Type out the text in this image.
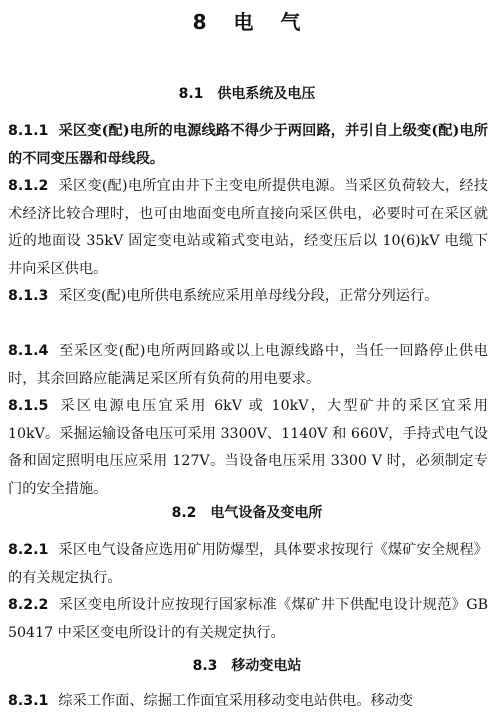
8 电 气
8.1 供电系统及电压
8.1.1 采区变(配)电所的电源线路不得少于两回路，并引自上级变(配)电所的不同变压器和母线段。
8.1.2 采区变(配)电所宜由井下主变电所提供电源。当采区负荷较大，经技术经济比较合理时，也可由地面变电所直接向采区供电，必要时可在采区就近的地面设 35kV 固定变电站或箱式变电站，经变压后以 10(6)kV 电缆下井向采区供电。
8.1.3 采区变(配)电所供电系统应采用单母线分段，正常分列运行。
8.1.4 至采区变(配)电所两回路或以上电源线路中，当任一回路停止供电时，其余回路应能满足采区所有负荷的用电要求。
8.1.5 采区电源电压宜采用 6kV 或 10kV，大型矿井的采区宜采用 10kV。采掘运输设备电压可采用 3300V、1140V 和 660V，手持式电气设备和固定照明电压应采用 127V。当设备电压采用 3300 V 时，必须制定专门的安全措施。
8.2 电气设备及变电所
8.2.1 采区电气设备应选用矿用防爆型，具体要求按现行《煤矿安全规程》的有关规定执行。
8.2.2 采区变电所设计应按现行国家标准《煤矿井下供配电设计规范》GB 50417 中采区变电所设计的有关规定执行。
8.3 移动变电站
8.3.1 综采工作面、综掘工作面宜采用移动变电站供电。移动变
